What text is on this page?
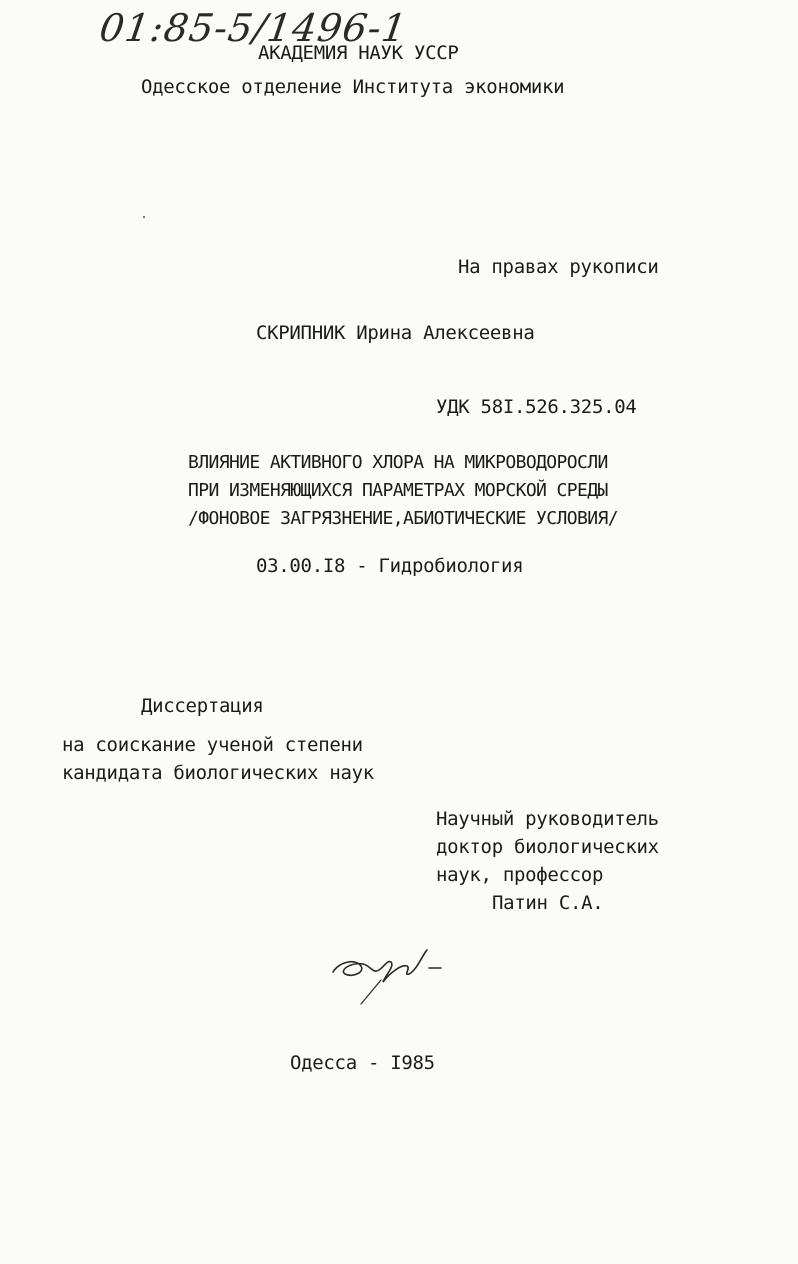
01:85-5/1496-1
АКАДЕМИЯ НАУК УССР
Одесское отделение Института экономики
На правах рукописи
СКРИПНИК Ирина Алексеевна
УДК 58I.526.325.04
ВЛИЯНИЕ АКТИВНОГО ХЛОРА НА МИКРОВОДОРОСЛИ
ПРИ ИЗМЕНЯЮЩИХСЯ ПАРАМЕТРАХ МОРСКОЙ СРЕДЫ
/ФОНОВОЕ ЗАГРЯЗНЕНИЕ,АБИОТИЧЕСКИЕ УСЛОВИЯ/
03.00.I8 - Гидробиология
Диссертация
на соискание ученой степени
кандидата биологических наук
Научный руководитель
доктор биологических
наук, профессор
Патин С.А.
Одесса - I985
